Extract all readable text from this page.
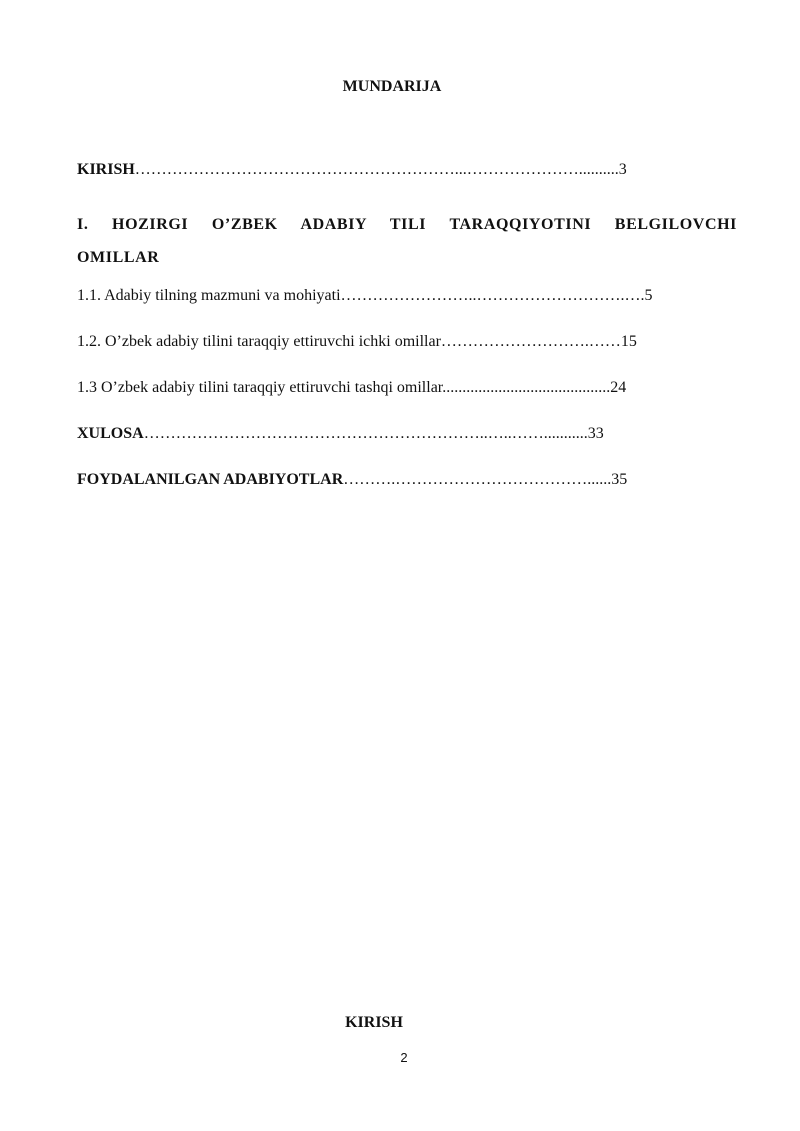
MUNDARIJA
KIRISH……………………………………………………...…………………..........3
I. HOZIRGI O’ZBEK ADABIY TILI TARAQQIYOTINI BELGILOVCHI OMILLAR
1.1. Adabiy tilning mazmuni va mohiyati……………………..……………………….….5
1.2. O’zbek adabiy tilini taraqqiy ettiruvchi ichki omillar……………………….……15
1.3 O’zbek adabiy tilini taraqqiy ettiruvchi tashqi omillar..........................................24
XULOSA………………………………………………………..…..……...........33
FOYDALANILGAN ADABIYOTLAR……….………………………………......35
KIRISH
2
